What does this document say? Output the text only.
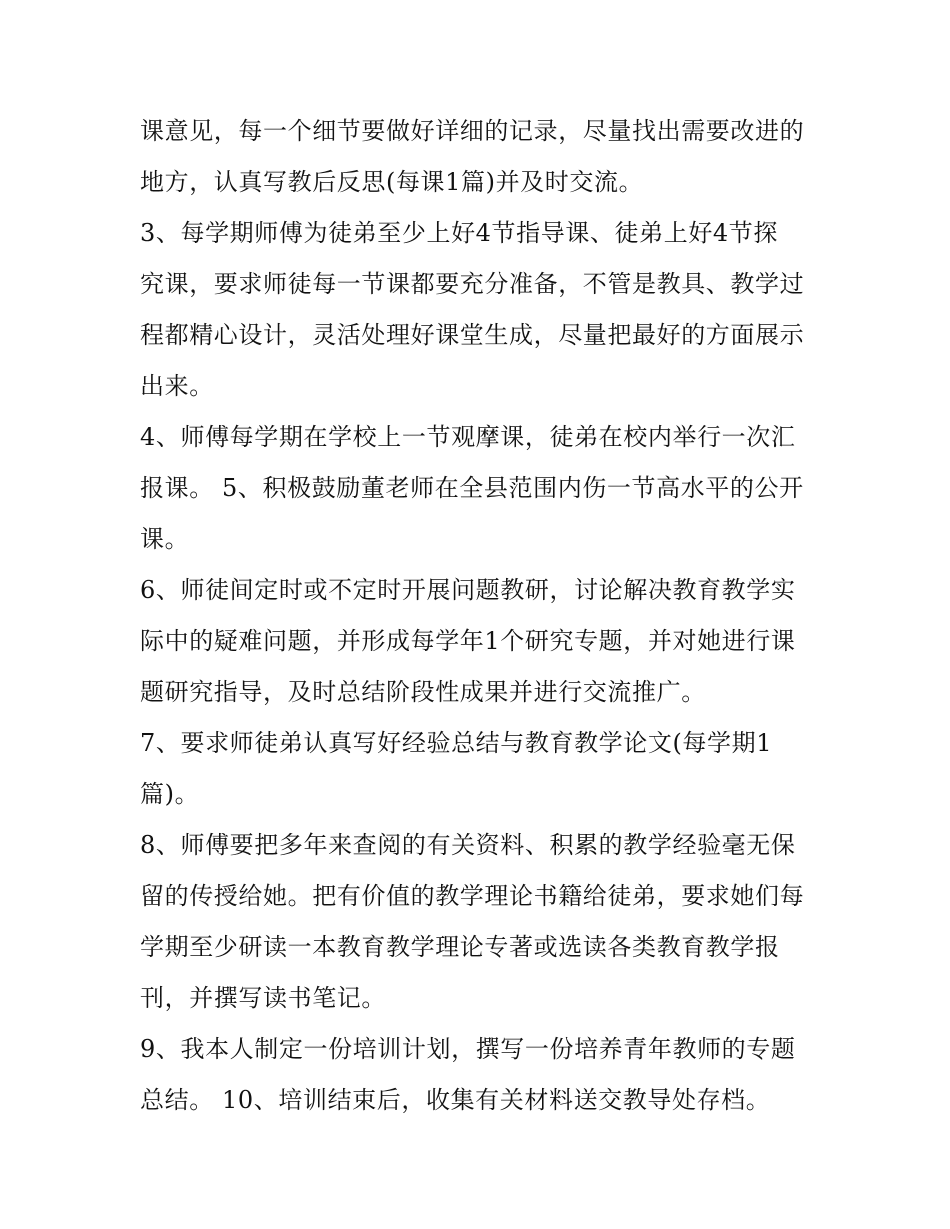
课意见，每一个细节要做好详细的记录，尽量找出需要改进的
地方，认真写教后反思(每课1篇)并及时交流。
3、每学期师傅为徒弟至少上好4节指导课、徒弟上好4节探
究课，要求师徒每一节课都要充分准备，不管是教具、教学过
程都精心设计，灵活处理好课堂生成，尽量把最好的方面展示
出来。
4、师傅每学期在学校上一节观摩课，徒弟在校内举行一次汇
报课。 5、积极鼓励董老师在全县范围内伤一节高水平的公开
课。
6、师徒间定时或不定时开展问题教研，讨论解决教育教学实
际中的疑难问题，并形成每学年1个研究专题，并对她进行课
题研究指导，及时总结阶段性成果并进行交流推广。
7、要求师徒弟认真写好经验总结与教育教学论文(每学期1
篇)。
8、师傅要把多年来查阅的有关资料、积累的教学经验毫无保
留的传授给她。把有价值的教学理论书籍给徒弟，要求她们每
学期至少研读一本教育教学理论专著或选读各类教育教学报
刊，并撰写读书笔记。
9、我本人制定一份培训计划，撰写一份培养青年教师的专题
总结。 10、培训结束后，收集有关材料送交教导处存档。
